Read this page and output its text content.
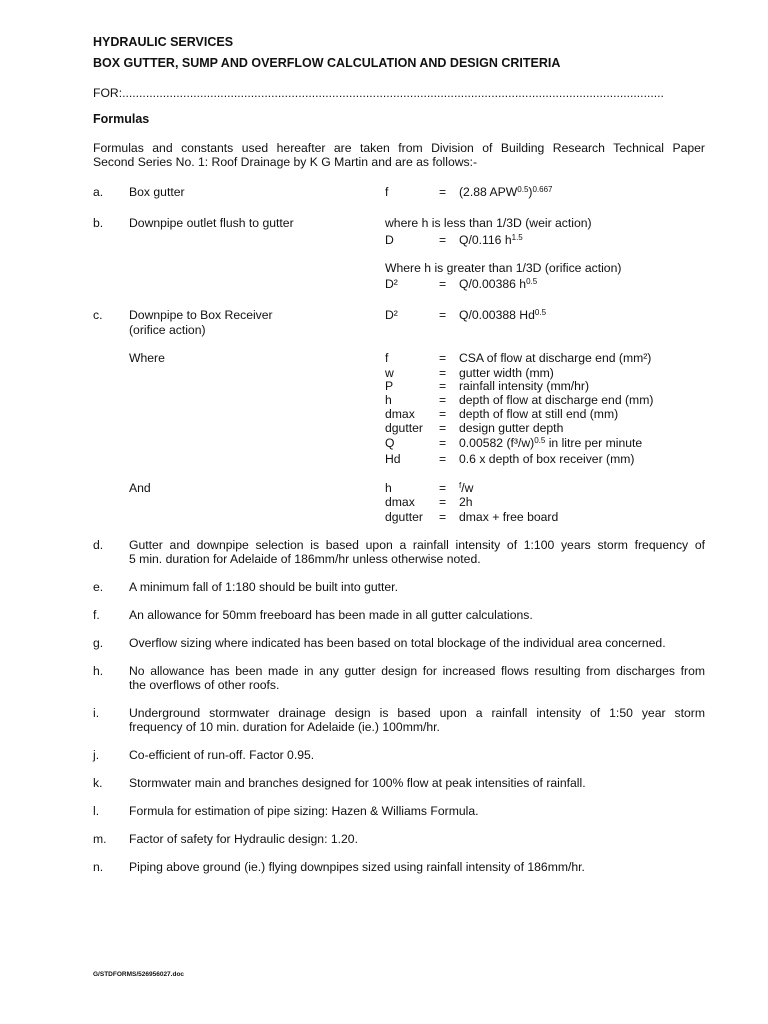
HYDRAULIC SERVICES
BOX GUTTER, SUMP AND OVERFLOW CALCULATION AND DESIGN CRITERIA
FOR:................................................................................................................................................................
Formulas
Formulas and constants used hereafter are taken from Division of Building Research Technical Paper
Second Series No. 1: Roof Drainage by K G Martin and are as follows:-
a. Box gutter	f	= (2.88 $APW^{0.5})^{0.667}$
b. Downpipe outlet flush to gutter	where h is less than 1/3D (weir action)
D	= Q/0.116 $h^{1.5}$
Where h is greater than 1/3D (orifice action)
D²	= Q/0.00386 $h^{0.5}$
c. Downpipe to Box Receiver
(orifice action)
D²	= Q/0.00388 $Hd^{0.5}$
Where	f	= CSA of flow at discharge end (mm²)
w	= gutter width (mm)
P	= rainfall intensity (mm/hr)
h	= depth of flow at discharge end (mm)
dmax = depth of flow at still end (mm)
dgutter = design gutter depth
Q	= 0.00582 $(f^3/w)^{0.5}$ in litre per minute
Hd	= 0.6 x depth of box receiver (mm)
And	h	= $^f$/w
dmax = 2h
dgutter = dmax + free board
d. Gutter and downpipe selection is based upon a rainfall intensity of 1:100 years storm frequency of
5 min. duration for Adelaide of 186mm/hr unless otherwise noted.
e. A minimum fall of 1:180 should be built into gutter.
f. An allowance for 50mm freeboard has been made in all gutter calculations.
g. Overflow sizing where indicated has been based on total blockage of the individual area concerned.
h. No allowance has been made in any gutter design for increased flows resulting from discharges from
the overflows of other roofs.
i. Underground stormwater drainage design is based upon a rainfall intensity of 1:50 year storm
frequency of 10 min. duration for Adelaide (ie.) 100mm/hr.
j. Co-efficient of run-off. Factor 0.95.
k. Stormwater main and branches designed for 100% flow at peak intensities of rainfall.
l. Formula for estimation of pipe sizing: Hazen & Williams Formula.
m. Factor of safety for Hydraulic design: 1.20.
n. Piping above ground (ie.) flying downpipes sized using rainfall intensity of 186mm/hr.
G/STDFORMS/526956027.doc
